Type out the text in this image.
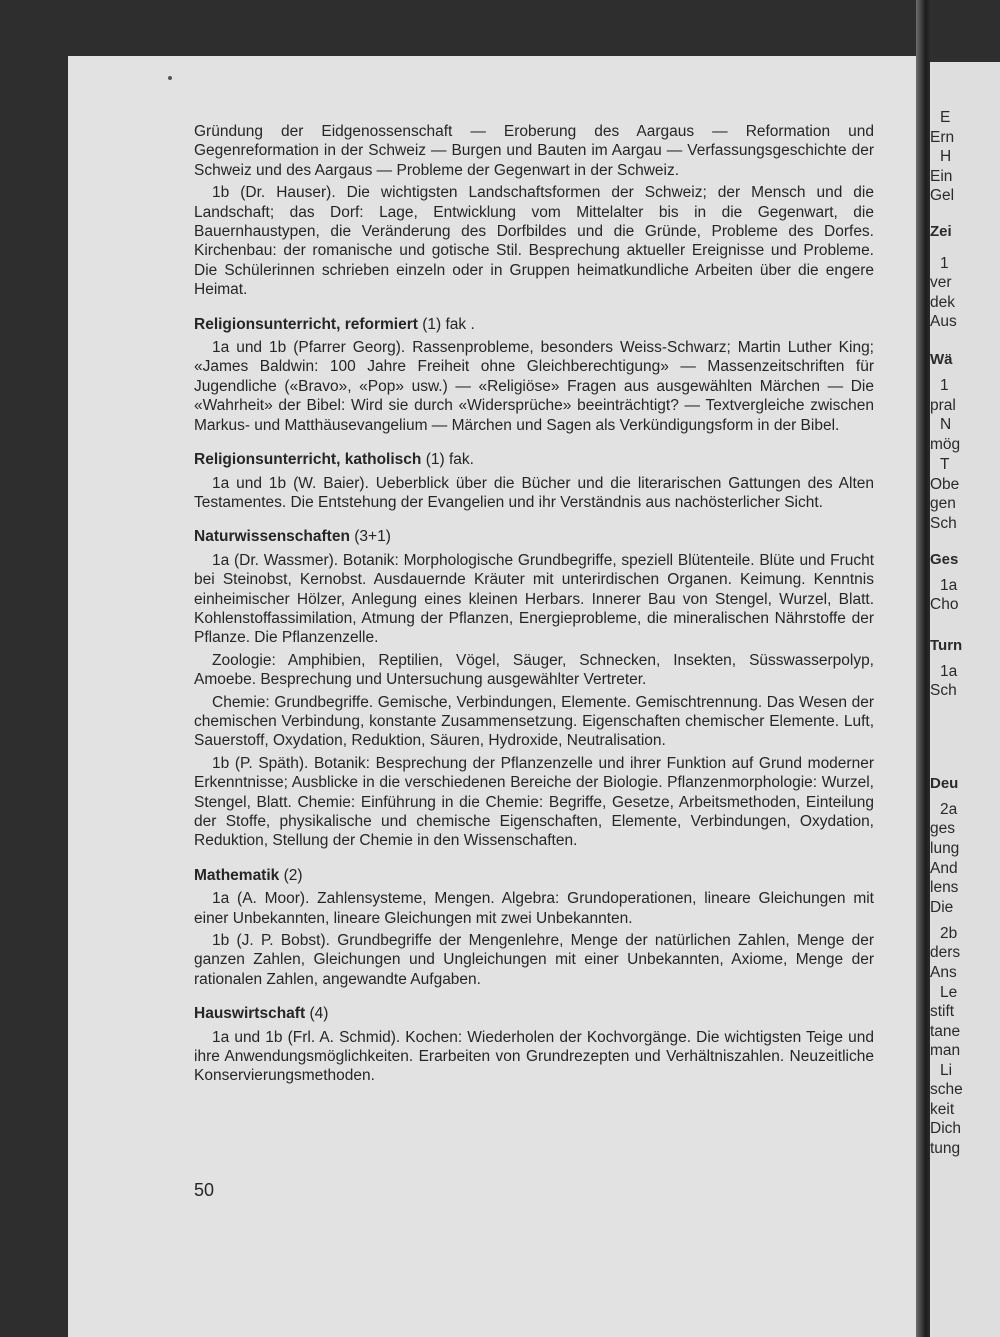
E
Ern
H
Ein
Gel
Zei
1
ver
dek
Aus
Wä
1
pral
N
mög
T
Obe
gen
Sch
Ges
1a
Cho
Turn
1a
Sch
Deu
2a
ges
lung
And
lens
Die
2b
ders
Ans
Le
stift
tane
man
Li
sche
keit
Dich
tung

Gründung der Eidgenossenschaft — Eroberung des Aargaus — Reformation und Gegenreformation in der Schweiz — Burgen und Bauten im Aargau — Verfassungsgeschichte der Schweiz und des Aargaus — Probleme der Gegenwart in der Schweiz.

1b (Dr. Hauser). Die wichtigsten Landschaftsformen der Schweiz; der Mensch und die Landschaft; das Dorf: Lage, Entwicklung vom Mittelalter bis in die Gegenwart, die Bauernhaustypen, die Veränderung des Dorfbildes und die Gründe, Probleme des Dorfes. Kirchenbau: der romanische und gotische Stil. Besprechung aktueller Ereignisse und Probleme. Die Schülerinnen schrieben einzeln oder in Gruppen heimatkundliche Arbeiten über die engere Heimat.

Religionsunterricht, reformiert (1) fak .

1a und 1b (Pfarrer Georg). Rassenprobleme, besonders Weiss-Schwarz; Martin Luther King; «James Baldwin: 100 Jahre Freiheit ohne Gleichberechtigung» — Massenzeitschriften für Jugendliche («Bravo», «Pop» usw.) — «Religiöse» Fragen aus ausgewählten Märchen — Die «Wahrheit» der Bibel: Wird sie durch «Widersprüche» beeinträchtigt? — Textvergleiche zwischen Markus- und Matthäusevangelium — Märchen und Sagen als Verkündigungsform in der Bibel.

Religionsunterricht, katholisch (1) fak.

1a und 1b (W. Baier). Ueberblick über die Bücher und die literarischen Gattungen des Alten Testamentes. Die Entstehung der Evangelien und ihr Verständnis aus nachösterlicher Sicht.

Naturwissenschaften (3+1)

1a (Dr. Wassmer). Botanik: Morphologische Grundbegriffe, speziell Blütenteile. Blüte und Frucht bei Steinobst, Kernobst. Ausdauernde Kräuter mit unterirdischen Organen. Keimung. Kenntnis einheimischer Hölzer, Anlegung eines kleinen Herbars. Innerer Bau von Stengel, Wurzel, Blatt. Kohlenstoffassimilation, Atmung der Pflanzen, Energieprobleme, die mineralischen Nährstoffe der Pflanze. Die Pflanzenzelle.

Zoologie: Amphibien, Reptilien, Vögel, Säuger, Schnecken, Insekten, Süsswasserpolyp, Amoebe. Besprechung und Untersuchung ausgewählter Vertreter.

Chemie: Grundbegriffe. Gemische, Verbindungen, Elemente. Gemischtrennung. Das Wesen der chemischen Verbindung, konstante Zusammensetzung. Eigenschaften chemischer Elemente. Luft, Sauerstoff, Oxydation, Reduktion, Säuren, Hydroxide, Neutralisation.

1b (P. Späth). Botanik: Besprechung der Pflanzenzelle und ihrer Funktion auf Grund moderner Erkenntnisse; Ausblicke in die verschiedenen Bereiche der Biologie. Pflanzenmorphologie: Wurzel, Stengel, Blatt. Chemie: Einführung in die Chemie: Begriffe, Gesetze, Arbeitsmethoden, Einteilung der Stoffe, physikalische und chemische Eigenschaften, Elemente, Verbindungen, Oxydation, Reduktion, Stellung der Chemie in den Wissenschaften.

Mathematik (2)

1a (A. Moor). Zahlensysteme, Mengen. Algebra: Grundoperationen, lineare Gleichungen mit einer Unbekannten, lineare Gleichungen mit zwei Unbekannten.

1b (J. P. Bobst). Grundbegriffe der Mengenlehre, Menge der natürlichen Zahlen, Menge der ganzen Zahlen, Gleichungen und Ungleichungen mit einer Unbekannten, Axiome, Menge der rationalen Zahlen, angewandte Aufgaben.

Hauswirtschaft (4)

1a und 1b (Frl. A. Schmid). Kochen: Wiederholen der Kochvorgänge. Die wichtigsten Teige und ihre Anwendungsmöglichkeiten. Erarbeiten von Grundrezepten und Verhältniszahlen. Neuzeitliche Konservierungsmethoden.

50
